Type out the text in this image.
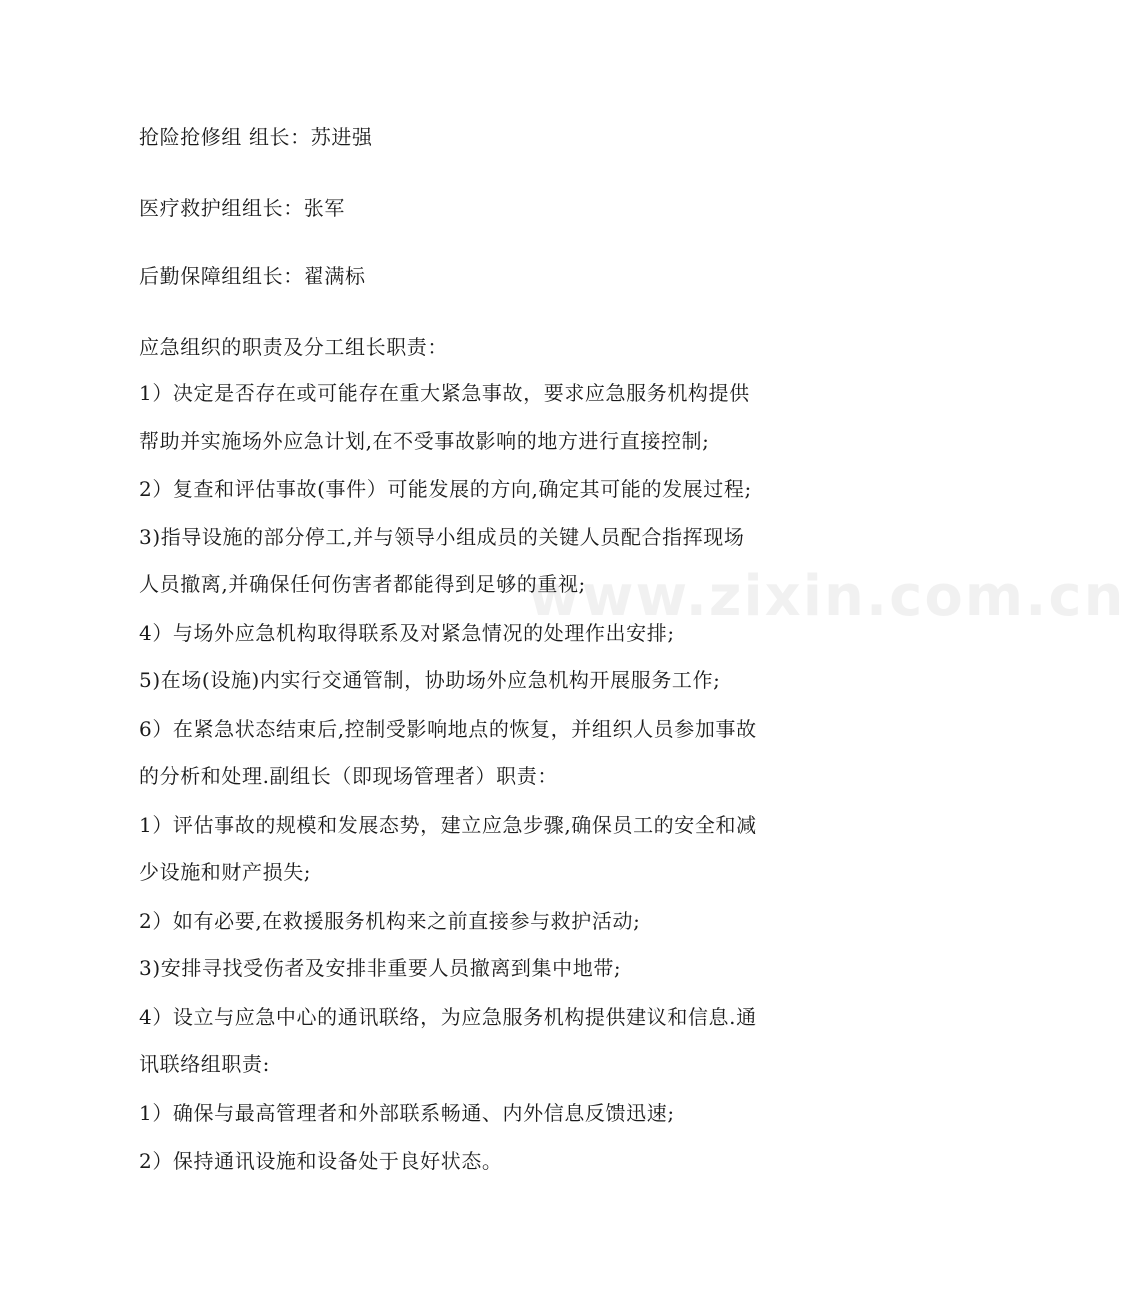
www.zixin.com.cn
抢险抢修组 组长：苏进强
医疗救护组组长：张军
后勤保障组组长：翟满标
应急组织的职责及分工组长职责：
1）决定是否存在或可能存在重大紧急事故，要求应急服务机构提供
帮助并实施场外应急计划,在不受事故影响的地方进行直接控制;
2）复查和评估事故(事件）可能发展的方向,确定其可能的发展过程;
3)指导设施的部分停工,并与领导小组成员的关键人员配合指挥现场
人员撤离,并确保任何伤害者都能得到足够的重视;
4）与场外应急机构取得联系及对紧急情况的处理作出安排;
5)在场(设施)内实行交通管制，协助场外应急机构开展服务工作;
6）在紧急状态结束后,控制受影响地点的恢复，并组织人员参加事故
的分析和处理.副组长（即现场管理者）职责：
1）评估事故的规模和发展态势，建立应急步骤,确保员工的安全和减
少设施和财产损失;
2）如有必要,在救援服务机构来之前直接参与救护活动;
3)安排寻找受伤者及安排非重要人员撤离到集中地带;
4）设立与应急中心的通讯联络，为应急服务机构提供建议和信息.通
讯联络组职责:
1）确保与最高管理者和外部联系畅通、内外信息反馈迅速;
2）保持通讯设施和设备处于良好状态。
